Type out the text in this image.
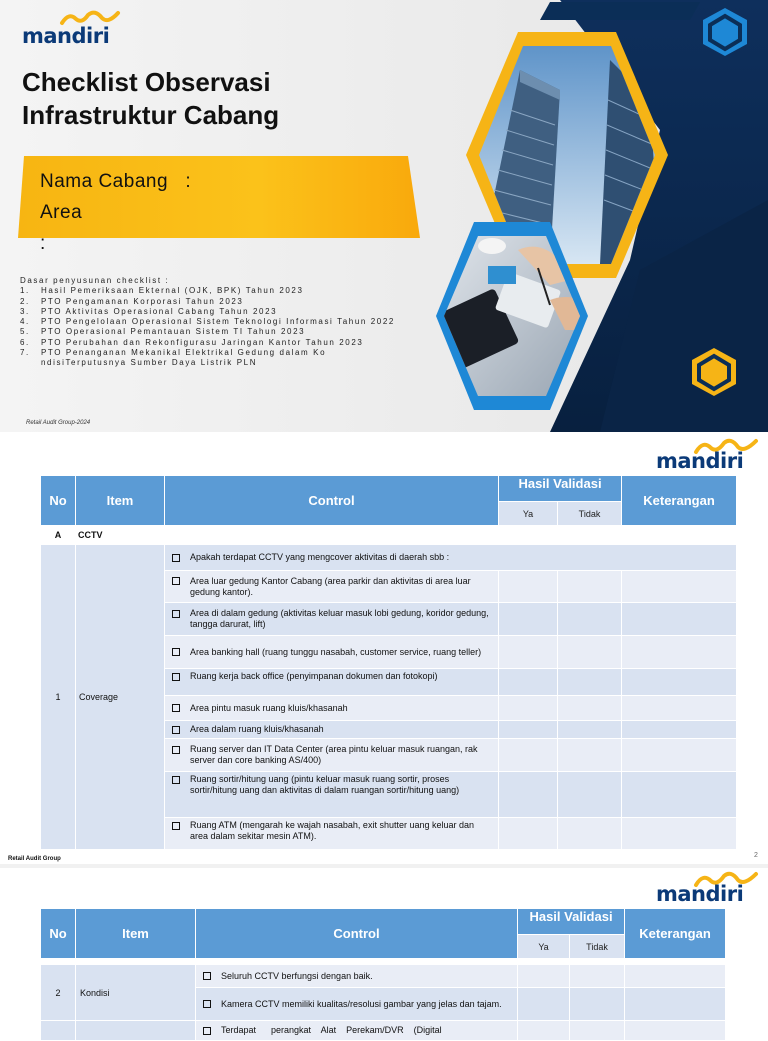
mandiri
Checklist Observasi
Infrastruktur Cabang
Nama Cabang   :
Area
:
Dasar penyusunan checklist :
1.	Hasil Pemeriksaan Ekternal (OJK, BPK) Tahun 2023
2.	PTO Pengamanan Korporasi Tahun 2023
3.	PTO Aktivitas Operasional Cabang Tahun 2023
4.	PTO Pengelolaan Operasional Sistem Teknologi Informasi Tahun 2022
5.	PTO Operasional Pemantauan Sistem TI Tahun 2023
6.	PTO Perubahan dan Rekonfigurasu Jaringan Kantor Tahun 2023
7.	PTO Penanganan Mekanikal Elektrikal Gedung dalam Ko ndisiTerputusnya Sumber Daya Listrik PLN
Retail Audit Group-2024
mandiri
No	Item	Control	Hasil Validasi		Keterangan
			Ya	Tidak	
A	CCTV				
1	Coverage	Apakah terdapat CCTV yang mengcover aktivitas di daerah sbb :			

		Area luar gedung Kantor Cabang (area parkir dan aktivitas di area luar gedung kantor).			

		Area di dalam gedung (aktivitas keluar masuk lobi gedung, koridor gedung, tangga darurat, lift)			

		Area banking hall (ruang tunggu nasabah, customer service, ruang teller)			

		Ruang kerja back office (penyimpanan dokumen dan fotokopi)			

		Area pintu masuk ruang kluis/khasanah			

		Area dalam ruang kluis/khasanah			

		Ruang server dan IT Data Center (area pintu keluar masuk ruangan, rak server dan core banking AS/400)			

		Ruang sortir/hitung uang (pintu keluar masuk ruang sortir, proses sortir/hitung uang dan aktivitas di dalam ruangan sortir/hitung uang)			

		Ruang ATM (mengarah ke wajah nasabah, exit shutter uang keluar dan area dalam sekitar mesin ATM).			

Retail Audit Group	2
mandiri
No	Item	Control	Hasil Validasi		Keterangan
			Ya	Tidak	

2	Kondisi	Seluruh CCTV berfungsi dengan baik.			

		Kamera CCTV memiliki kualitas/resolusi gambar yang jelas dan tajam.			

		Terdapat      perangkat    Alat    Perekam/DVR    (Digital			
